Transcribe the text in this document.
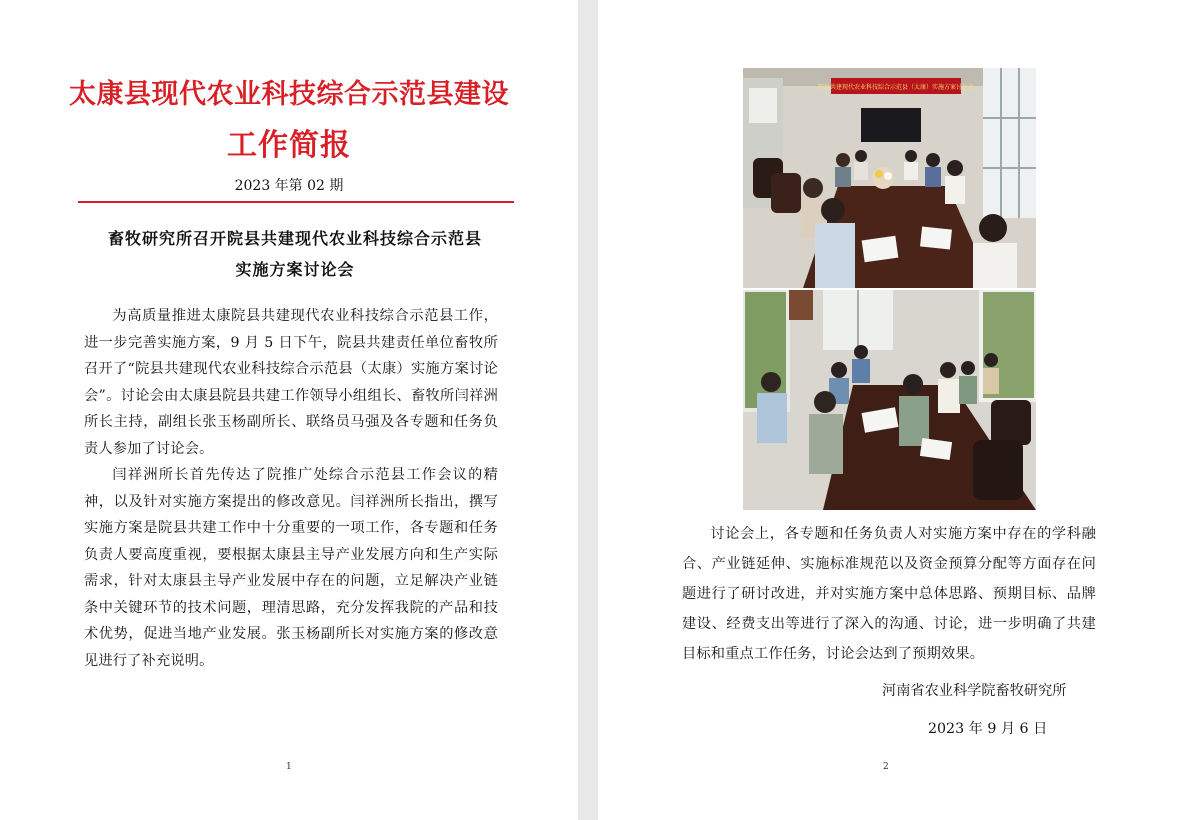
太康县现代农业科技综合示范县建设
工作简报
2023 年第 02 期
畜牧研究所召开院县共建现代农业科技综合示范县
实施方案讨论会

为高质量推进太康院县共建现代农业科技综合示范县工作，进一步完善实施方案，9 月 5 日下午，院县共建责任单位畜牧所召开了“院县共建现代农业科技综合示范县（太康）实施方案讨论会”。讨论会由太康县院县共建工作领导小组组长、畜牧所闫祥洲所长主持，副组长张玉杨副所长、联络员马强及各专题和任务负责人参加了讨论会。

闫祥洲所长首先传达了院推广处综合示范县工作会议的精神，以及针对实施方案提出的修改意见。闫祥洲所长指出，撰写实施方案是院县共建工作中十分重要的一项工作，各专题和任务负责人要高度重视，要根据太康县主导产业发展方向和生产实际需求，针对太康县主导产业发展中存在的问题，立足解决产业链条中关键环节的技术问题，理清思路，充分发挥我院的产品和技术优势，促进当地产业发展。张玉杨副所长对实施方案的修改意见进行了补充说明。

1
院县共建现代农业科技综合示范县（太康）实施方案讨论会

讨论会上，各专题和任务负责人对实施方案中存在的学科融合、产业链延伸、实施标准规范以及资金预算分配等方面存在问题进行了研讨改进，并对实施方案中总体思路、预期目标、品牌建设、经费支出等进行了深入的沟通、讨论，进一步明确了共建目标和重点工作任务，讨论会达到了预期效果。

河南省农业科学院畜牧研究所
2023 年 9 月 6 日
2
